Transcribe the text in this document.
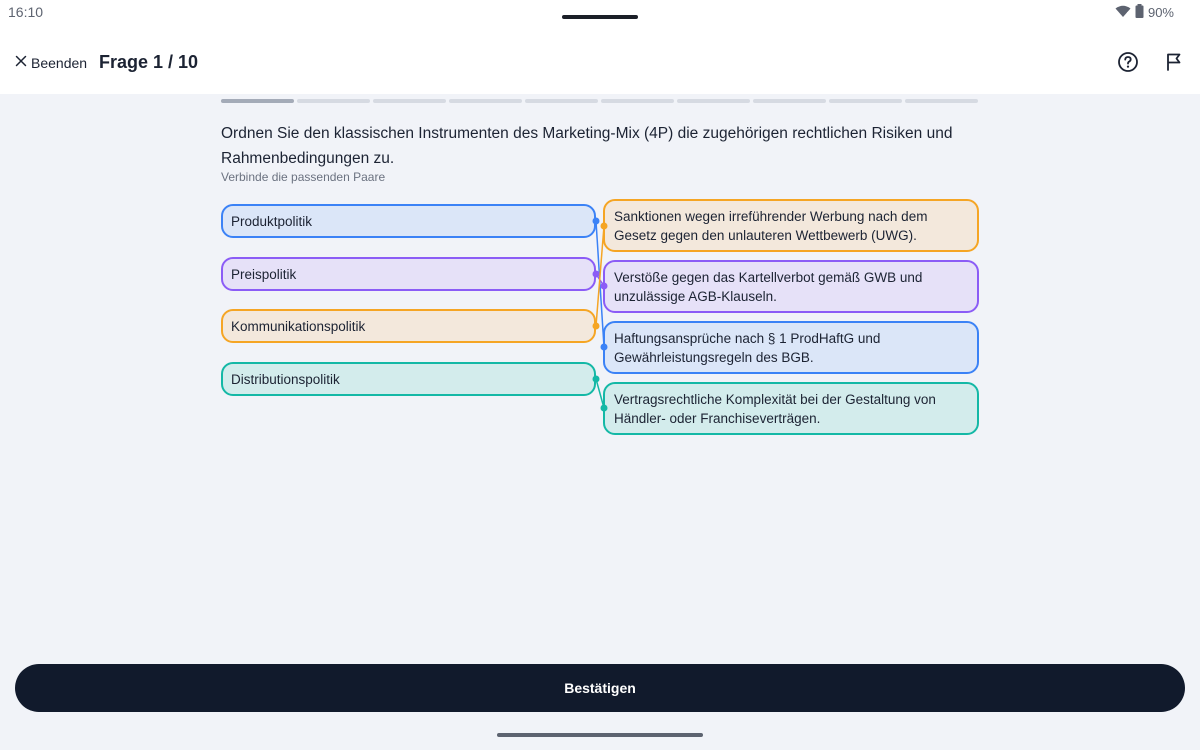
16:10	90%
Beenden Frage 1 / 10
Ordnen Sie den klassischen Instrumenten des Marketing-Mix (4P) die zugehörigen rechtlichen Risiken und Rahmenbedingungen zu.
Verbinde die passenden Paare
Produktpolitik
Preispolitik
Kommunikationspolitik
Distributionspolitik
Sanktionen wegen irreführender Werbung nach dem Gesetz gegen den unlauteren Wettbewerb (UWG).
Verstöße gegen das Kartellverbot gemäß GWB und unzulässige AGB-Klauseln.
Haftungsansprüche nach § 1 ProdHaftG und Gewährleistungsregeln des BGB.
Vertragsrechtliche Komplexität bei der Gestaltung von Händler- oder Franchiseverträgen.
Bestätigen
